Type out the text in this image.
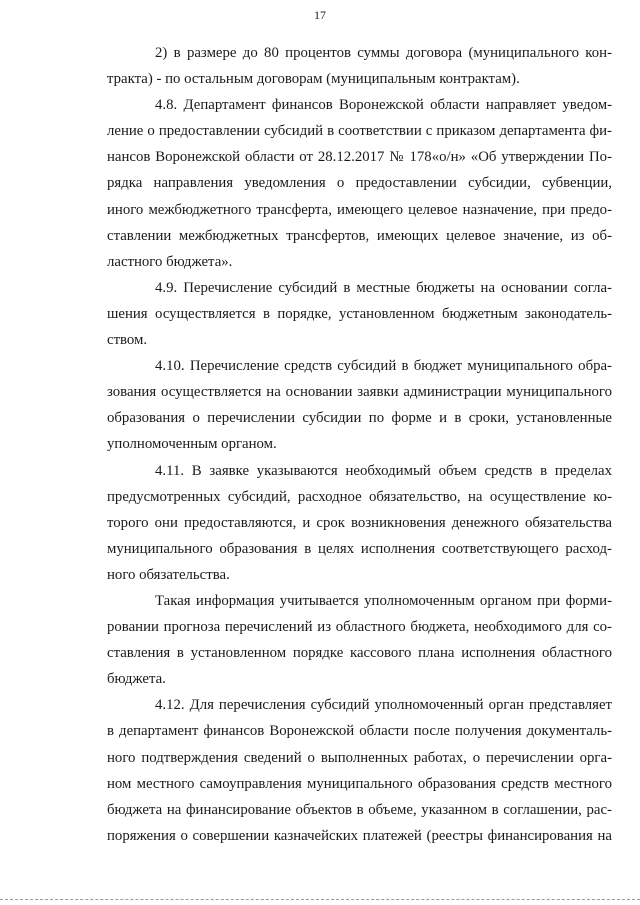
17
2) в размере до 80 процентов суммы договора (муниципального кон-
тракта) - по остальным договорам (муниципальным контрактам).
4.8. Департамент финансов Воронежской области направляет уведом-
ление о предоставлении субсидий в соответствии с приказом департамента фи-
нансов Воронежской области от 28.12.2017 № 178«о/н» «Об утверждении По-
рядка направления уведомления о предоставлении субсидии, субвенции,
иного межбюджетного трансферта, имеющего целевое назначение, при предо-
ставлении межбюджетных трансфертов, имеющих целевое значение, из об-
ластного бюджета».
4.9. Перечисление субсидий в местные бюджеты на основании согла-
шения осуществляется в порядке, установленном бюджетным законодатель-
ством.
4.10. Перечисление средств субсидий в бюджет муниципального обра-
зования осуществляется на основании заявки администрации муниципального
образования о перечислении субсидии по форме и в сроки, установленные
уполномоченным органом.
4.11. В заявке указываются необходимый объем средств в пределах
предусмотренных субсидий, расходное обязательство, на осуществление ко-
торого они предоставляются, и срок возникновения денежного обязательства
муниципального образования в целях исполнения соответствующего расход-
ного обязательства.
Такая информация учитывается уполномоченным органом при форми-
ровании прогноза перечислений из областного бюджета, необходимого для со-
ставления в установленном порядке кассового плана исполнения областного
бюджета.
4.12. Для перечисления субсидий уполномоченный орган представляет
в департамент финансов Воронежской области после получения документаль-
ного подтверждения сведений о выполненных работах, о перечислении орга-
ном местного самоуправления муниципального образования средств местного
бюджета на финансирование объектов в объеме, указанном в соглашении, рас-
поряжения о совершении казначейских платежей (реестры финансирования на
